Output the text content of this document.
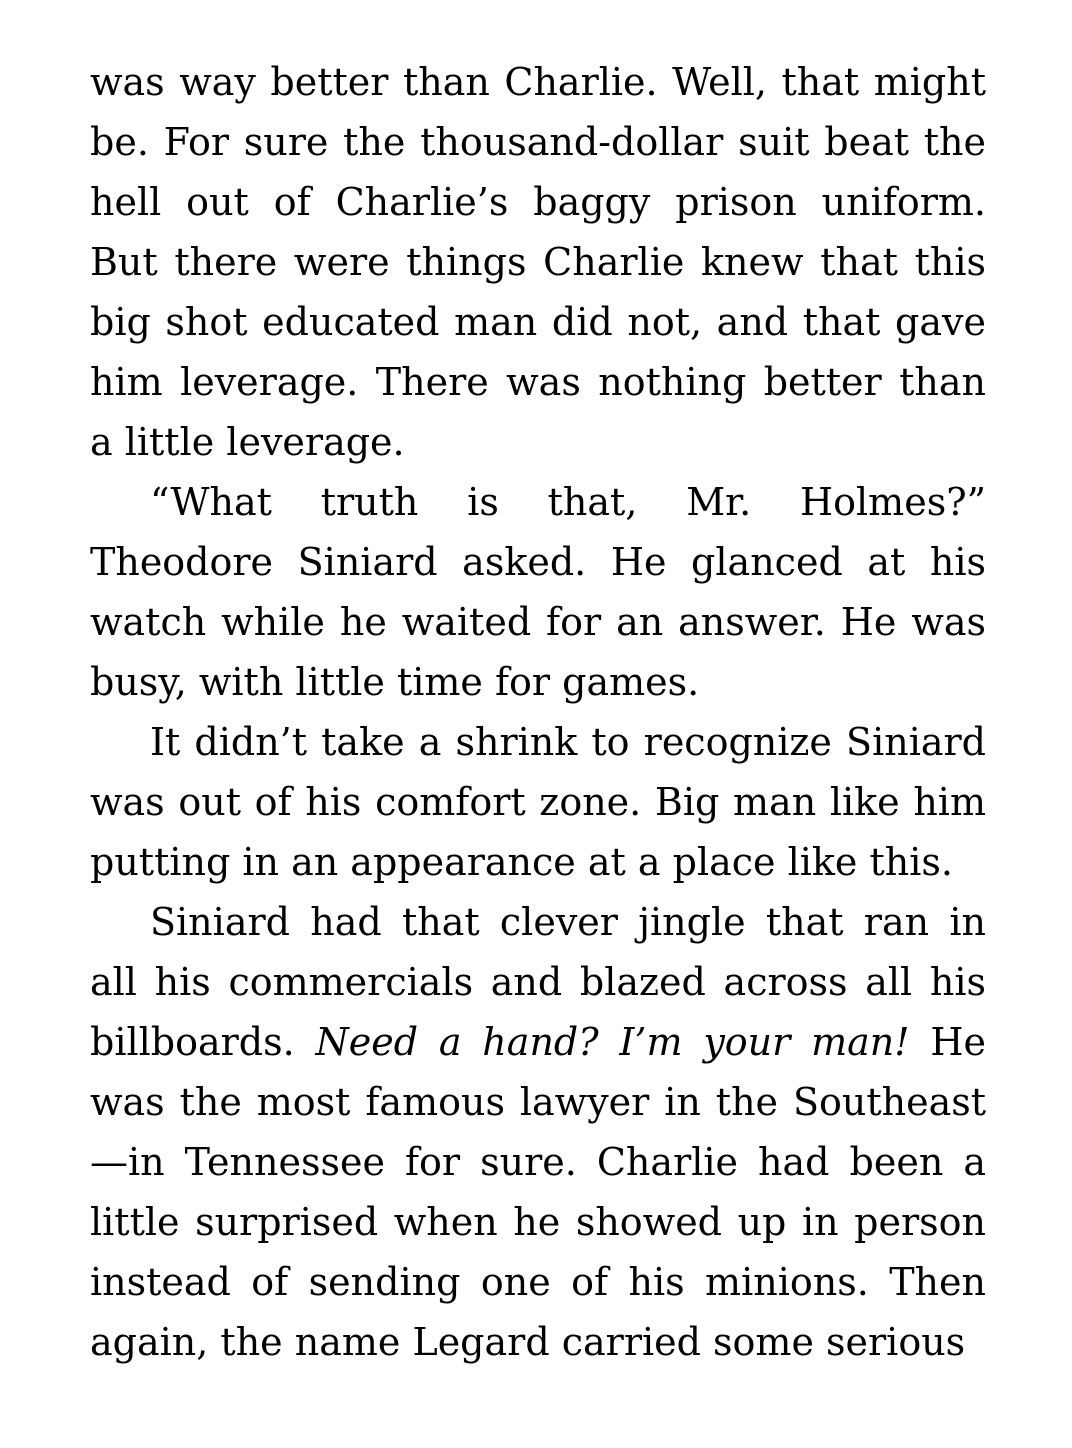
was way better than Charlie. Well, that might be. For sure the thousand-dollar suit beat the hell out of Charlie’s baggy prison uniform. But there were things Charlie knew that this big shot educated man did not, and that gave him leverage. There was nothing better than a little leverage.

“What truth is that, Mr. Holmes?” Theodore Siniard asked. He glanced at his watch while he waited for an answer. He was busy, with little time for games.

It didn’t take a shrink to recognize Siniard was out of his comfort zone. Big man like him putting in an appearance at a place like this.

Siniard had that clever jingle that ran in all his commercials and blazed across all his billboards. Need a hand? I’m your man! He was the most famous lawyer in the Southeast—in Tennessee for sure. Charlie had been a little surprised when he showed up in person instead of sending one of his minions. Then again, the name Legard carried some serious
